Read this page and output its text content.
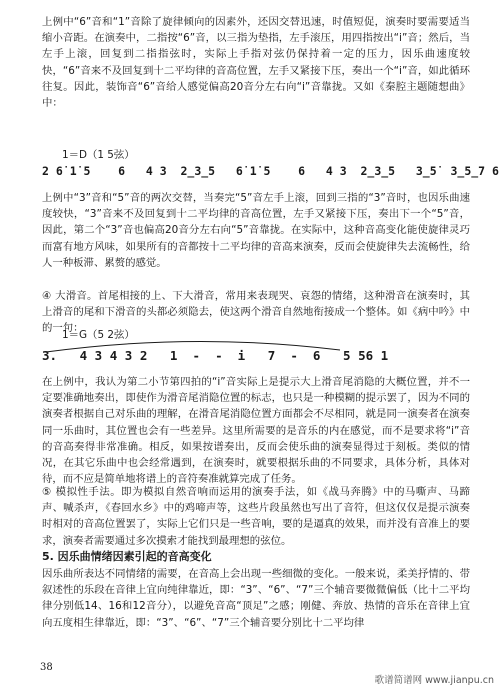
上例中“6”音和“1”音除了旋律倾向的因素外，还因交替迅速，时值短促，演奏时要需要适当缩小音距。在演奏中，二指按“6”音，以三指为垫指，左手滚压，用四指按出“i”音；然后，当左手上滚，回复到二指指弦时，实际上手指对弦仍保持着一定的压力，因乐曲速度较快，“6”音来不及回复到十二平均律的音高位置，左手又紧接下压，奏出一个“i”音，如此循环往复。因此，装饰音“6”音给人感觉偏高20音分左右向“i”音靠拢。又如《秦腔主题随想曲》中：

1＝D（1 5弦）
2 6̇ 1̇ 5    6   4 3  2̲3̲5   6̇ 1̇ 5    6   4 3  2̲3̲5   3̲5̇  3̲5̲7 6̇

上例中“3”音和“5”音的两次交替，当奏完“5”音左手上滚，回到三指的“3”音时，也因乐曲速度较快，“3”音来不及回复到十二平均律的音高位置，左手又紧接下压，奏出下一个“5”音，因此，第二个“3”音也偏高20音分左右向“5”音靠拢。在实际中，这种音高变化能使旋律灵巧而富有地方风味，如果所有的音都按十二平均律的音高来演奏，反而会使旋律失去流畅性，给人一种板滞、累赘的感觉。

④ 大滑音。首尾相接的上、下大滑音，常用来表现哭、哀怨的情绪，这种滑音在演奏时，其上滑音的尾和下滑音的头都必须隐去，使这两个滑音自然地衔接成一个整体。如《病中吟》中的一句：

1＝G（5 2弦）
3.   4 3 4 3 2   1  -  -  i   7  -  6   5 56 1

在上例中，我认为第二小节第四拍的“i”音实际上是提示大上滑音尾消隐的大概位置，并不一定要准确地奏出，即使作为滑音尾消隐位置的标志，也只是一种模糊的提示罢了，因为不同的演奏者根据自己对乐曲的理解，在滑音尾消隐位置方面都会不尽相同，就是同一演奏者在演奏同一乐曲时，其位置也会有一些差异。这里所需要的是音乐的内在感觉，而不是要求将“i”音的音高奏得非常准确。相反，如果按谱奏出，反而会使乐曲的演奏显得过于刻板。类似的情况，在其它乐曲中也会经常遇到，在演奏时，就要根据乐曲的不同要求，具体分析，具体对待，而不应是简单地将谱上的音符奏准就算完成了任务。

⑤ 模拟性手法。即为模拟自然音响而运用的演奏手法，如《战马奔腾》中的马嘶声、马蹄声、喊杀声，《春回水乡》中的鸡啼声等，这些片段虽然也写出了音符，但这仅仅是提示演奏时相对的音高位置罢了，实际上它们只是一些音响，要的是逼真的效果，而并没有音准上的要求，演奏者需要通过多次摸索才能找到最理想的弦位。

5. 因乐曲情绪因素引起的音高变化

因乐曲所表达不同情绪的需要，在音高上会出现一些细微的变化。一般来说，柔美抒情的、带叙述性的乐段在音律上宜向纯律靠近，即：“3”、“6”、“7”三个辅音要微微偏低（比十二平均律分别低14、16和12音分），以避免音高“顶足”之感；刚健、奔放、热情的音乐在音律上宜向五度相生律靠近，即：“3”、“6”、“7”三个辅音要分别比十二平均律

38
歌谱简谱网 www.jianpu.cn
